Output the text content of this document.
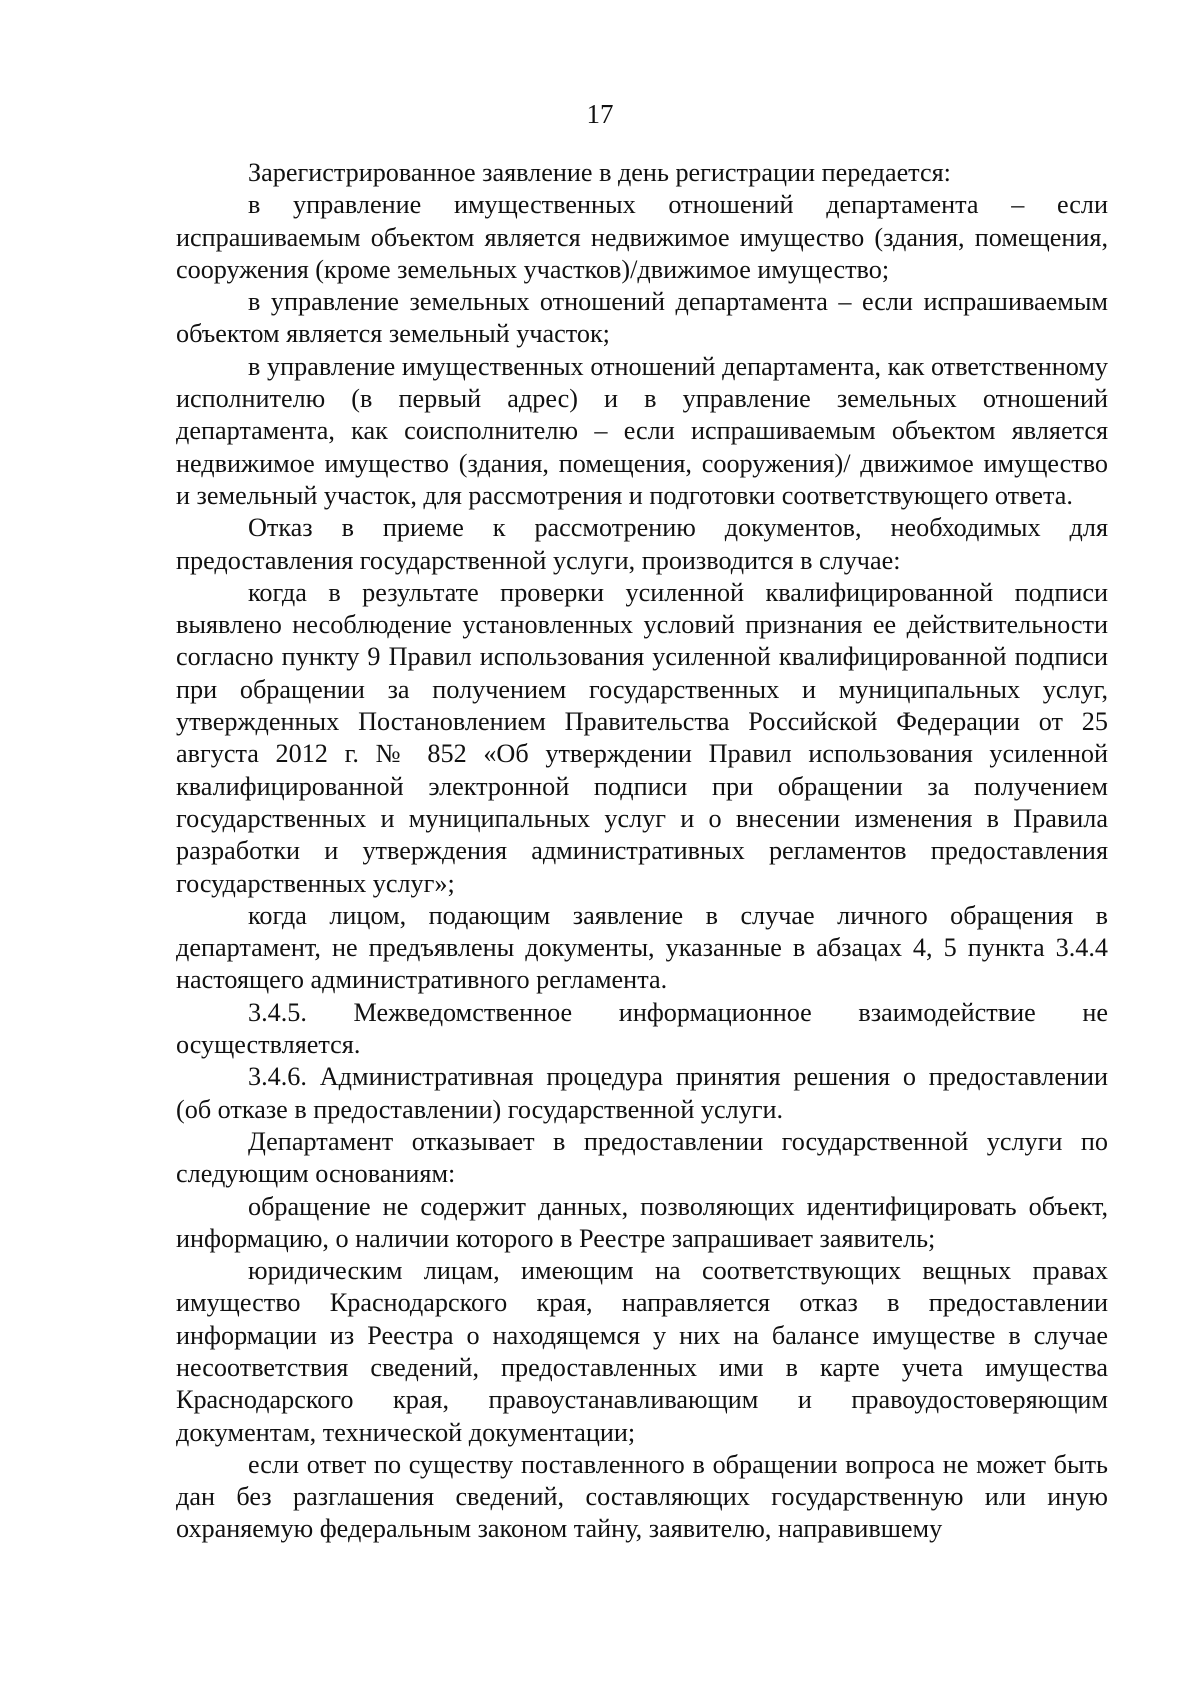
17

Зарегистрированное заявление в день регистрации передается:

в управление имущественных отношений департамента – если испрашиваемым объектом является недвижимое имущество (здания, помещения, сооружения (кроме земельных участков)/движимое имущество;

в управление земельных отношений департамента – если испрашиваемым объектом является земельный участок;

в управление имущественных отношений департамента, как ответственному исполнителю (в первый адрес) и в управление земельных отношений департамента, как соисполнителю – если испрашиваемым объектом является недвижимое имущество (здания, помещения, сооружения)/ движимое имущество и земельный участок, для рассмотрения и подготовки соответствующего ответа.

Отказ в приеме к рассмотрению документов, необходимых для предоставления государственной услуги, производится в случае:

когда в результате проверки усиленной квалифицированной подписи выявлено несоблюдение установленных условий признания ее действительности согласно пункту 9 Правил использования усиленной квалифицированной подписи при обращении за получением государственных и муниципальных услуг, утвержденных Постановлением Правительства Российской Федерации от 25 августа 2012 г. № 852 «Об утверждении Правил использования усиленной квалифицированной электронной подписи при обращении за получением государственных и муниципальных услуг и о внесении изменения в Правила разработки и утверждения административных регламентов предоставления государственных услуг»;

когда лицом, подающим заявление в случае личного обращения в департамент, не предъявлены документы, указанные в абзацах 4, 5 пункта 3.4.4 настоящего административного регламента.

3.4.5. Межведомственное информационное взаимодействие не осуществляется.

3.4.6. Административная процедура принятия решения о предоставлении (об отказе в предоставлении) государственной услуги.

Департамент отказывает в предоставлении государственной услуги по следующим основаниям:

обращение не содержит данных, позволяющих идентифицировать объект, информацию, о наличии которого в Реестре запрашивает заявитель;

юридическим лицам, имеющим на соответствующих вещных правах имущество Краснодарского края, направляется отказ в предоставлении информации из Реестра о находящемся у них на балансе имуществе в случае несоответствия сведений, предоставленных ими в карте учета имущества Краснодарского края, правоустанавливающим и правоудостоверяющим документам, технической документации;

если ответ по существу поставленного в обращении вопроса не может быть дан без разглашения сведений, составляющих государственную или иную охраняемую федеральным законом тайну, заявителю, направившему
